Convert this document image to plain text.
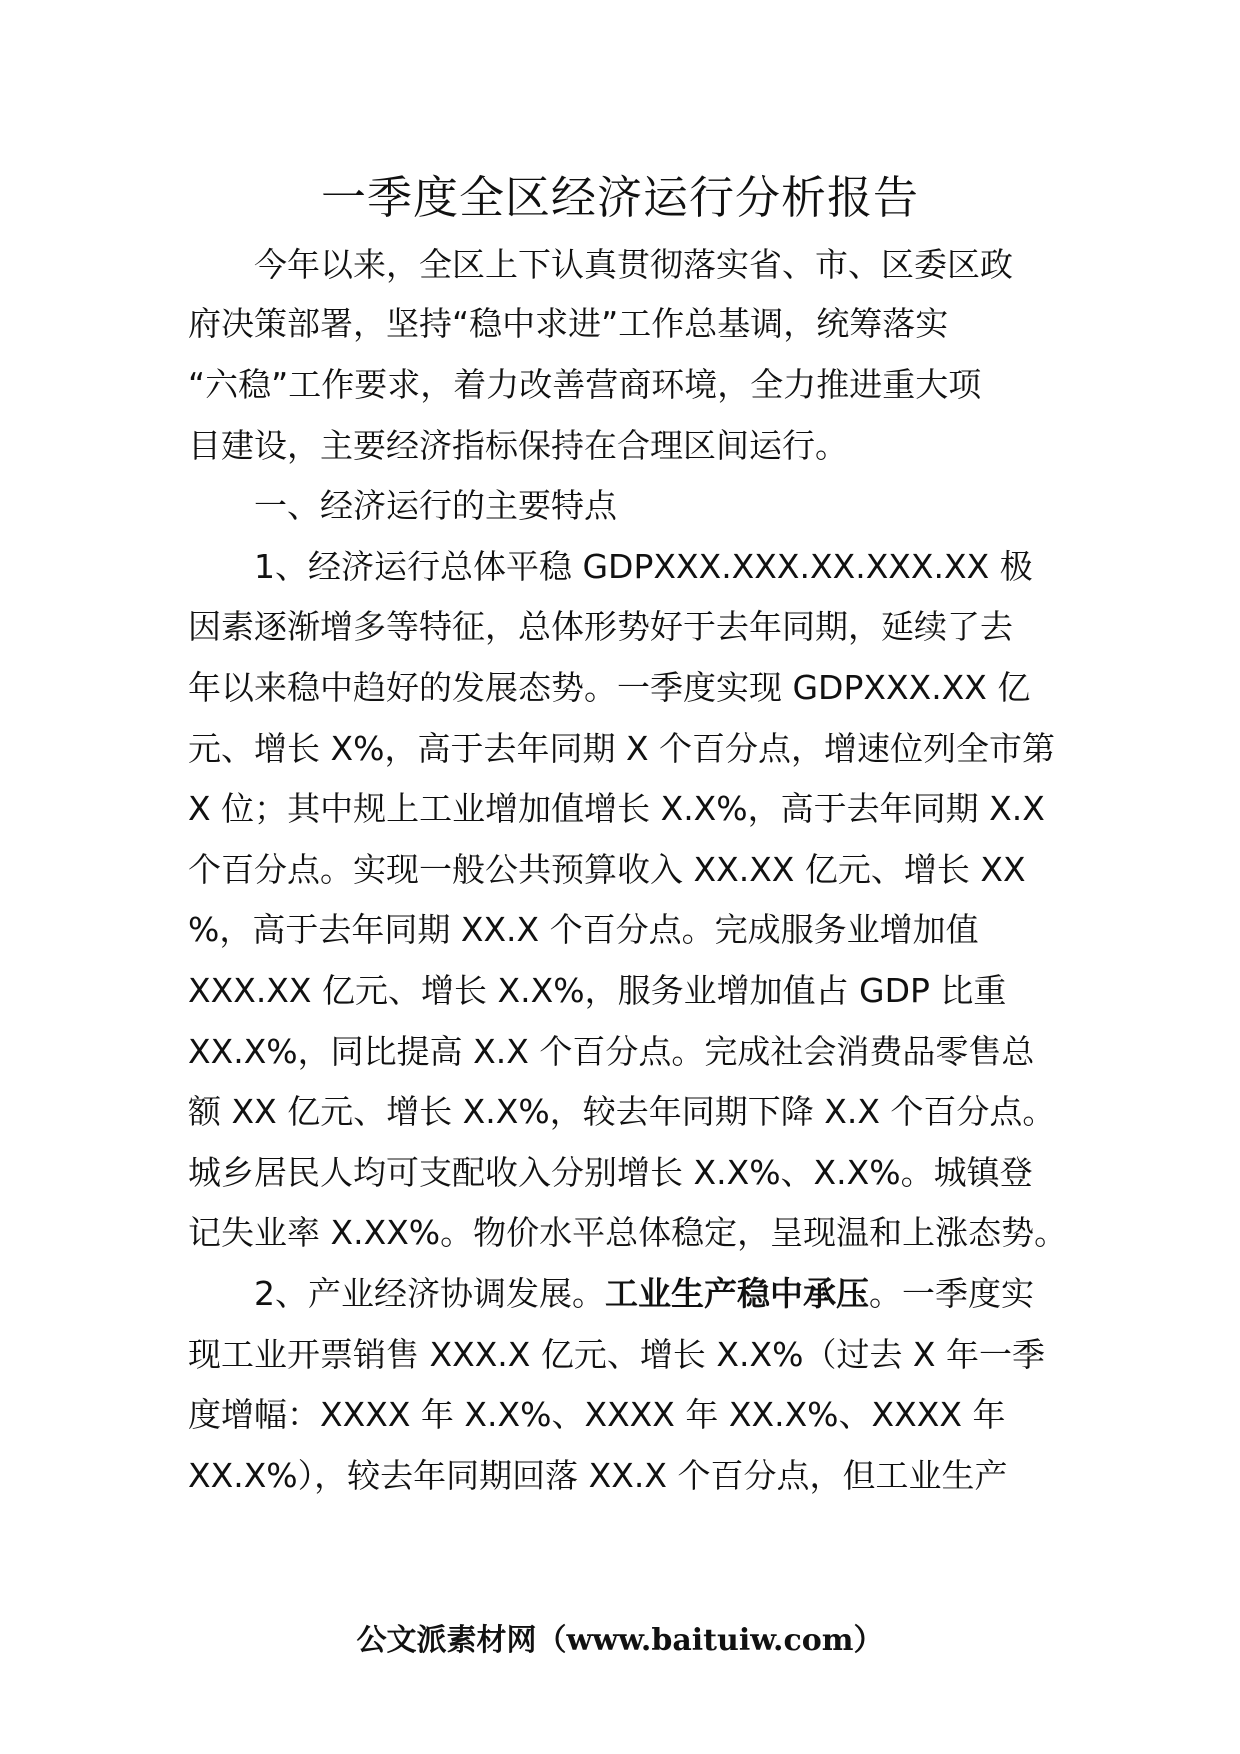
一季度全区经济运行分析报告

今年以来，全区上下认真贯彻落实省、市、区委区政

府决策部署，坚持“稳中求进”工作总基调，统筹落实

“六稳”工作要求，着力改善营商环境，全力推进重大项

目建设，主要经济指标保持在合理区间运行。

一、经济运行的主要特点

1、经济运行总体平稳 GDPXXX.XXX.XX.XXX.XX 极

因素逐渐增多等特征，总体形势好于去年同期，延续了去

年以来稳中趋好的发展态势。一季度实现 GDPXXX.XX 亿

元、增长 X%，高于去年同期 X 个百分点，增速位列全市第

X 位；其中规上工业增加值增长 X.X%，高于去年同期 X.X

个百分点。实现一般公共预算收入 XX.XX 亿元、增长 XX

%，高于去年同期 XX.X 个百分点。完成服务业增加值

XXX.XX 亿元、增长 X.X%，服务业增加值占 GDP 比重

XX.X%，同比提高 X.X 个百分点。完成社会消费品零售总

额 XX 亿元、增长 X.X%，较去年同期下降 X.X 个百分点。

城乡居民人均可支配收入分别增长 X.X%、X.X%。城镇登

记失业率 X.XX%。物价水平总体稳定，呈现温和上涨态势。

2、产业经济协调发展。工业生产稳中承压。一季度实

现工业开票销售 XXX.X 亿元、增长 X.X%（过去 X 年一季

度增幅：XXXX 年 X.X%、XXXX 年 XX.X%、XXXX 年

XX.X%），较去年同期回落 XX.X 个百分点，但工业生产

公文派素材网（www.baituiw.com）
